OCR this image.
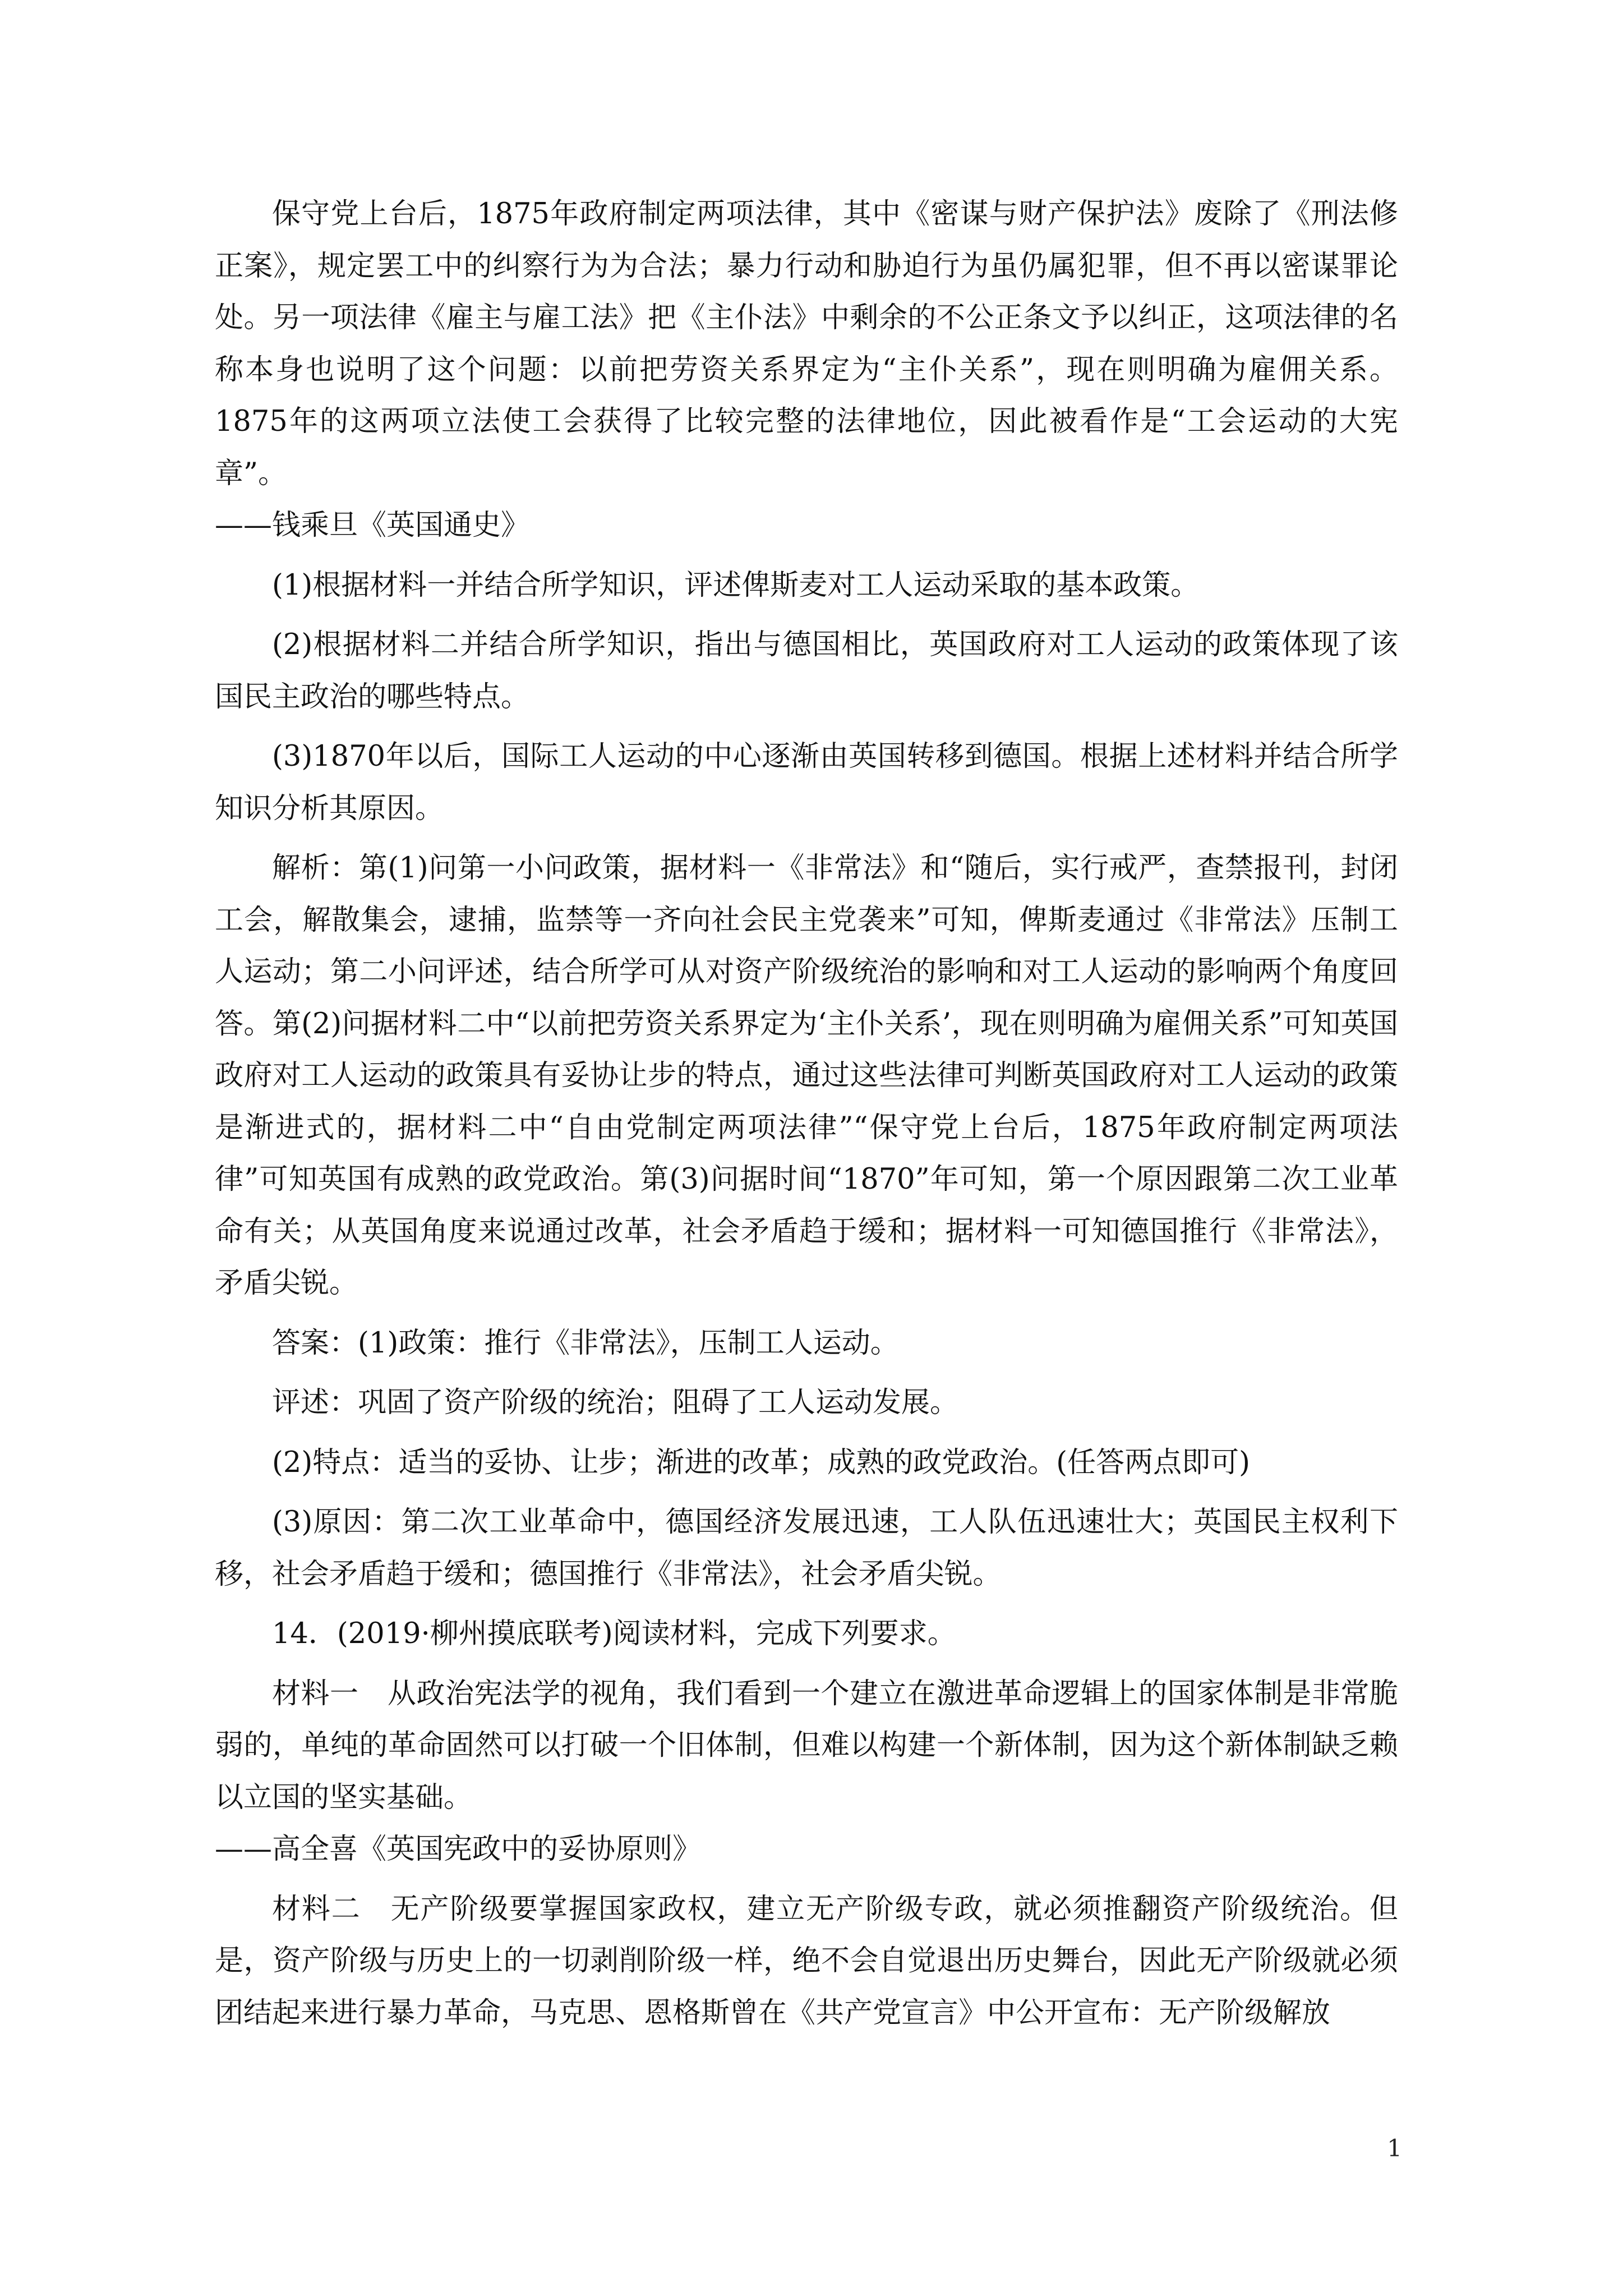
保守党上台后，1875年政府制定两项法律，其中《密谋与财产保护法》废除了《刑法修正案》，规定罢工中的纠察行为为合法；暴力行动和胁迫行为虽仍属犯罪，但不再以密谋罪论处。另一项法律《雇主与雇工法》把《主仆法》中剩余的不公正条文予以纠正，这项法律的名称本身也说明了这个问题：以前把劳资关系界定为“主仆关系”，现在则明确为雇佣关系。1875年的这两项立法使工会获得了比较完整的法律地位，因此被看作是“工会运动的大宪章”。

——钱乘旦《英国通史》

(1)根据材料一并结合所学知识，评述俾斯麦对工人运动采取的基本政策。

(2)根据材料二并结合所学知识，指出与德国相比，英国政府对工人运动的政策体现了该国民主政治的哪些特点。

(3)1870年以后，国际工人运动的中心逐渐由英国转移到德国。根据上述材料并结合所学知识分析其原因。

解析：第(1)问第一小问政策，据材料一《非常法》和“随后，实行戒严，查禁报刊，封闭工会，解散集会，逮捕，监禁等一齐向社会民主党袭来”可知，俾斯麦通过《非常法》压制工人运动；第二小问评述，结合所学可从对资产阶级统治的影响和对工人运动的影响两个角度回答。第(2)问据材料二中“以前把劳资关系界定为‘主仆关系’，现在则明确为雇佣关系”可知英国政府对工人运动的政策具有妥协让步的特点，通过这些法律可判断英国政府对工人运动的政策是渐进式的，据材料二中“自由党制定两项法律”“保守党上台后，1875年政府制定两项法律”可知英国有成熟的政党政治。第(3)问据时间“1870”年可知，第一个原因跟第二次工业革命有关；从英国角度来说通过改革，社会矛盾趋于缓和；据材料一可知德国推行《非常法》，矛盾尖锐。

答案：(1)政策：推行《非常法》，压制工人运动。

评述：巩固了资产阶级的统治；阻碍了工人运动发展。

(2)特点：适当的妥协、让步；渐进的改革；成熟的政党政治。(任答两点即可)

(3)原因：第二次工业革命中，德国经济发展迅速，工人队伍迅速壮大；英国民主权利下移，社会矛盾趋于缓和；德国推行《非常法》，社会矛盾尖锐。

14．(2019·柳州摸底联考)阅读材料，完成下列要求。

材料一　从政治宪法学的视角，我们看到一个建立在激进革命逻辑上的国家体制是非常脆弱的，单纯的革命固然可以打破一个旧体制，但难以构建一个新体制，因为这个新体制缺乏赖以立国的坚实基础。

——高全喜《英国宪政中的妥协原则》

材料二　无产阶级要掌握国家政权，建立无产阶级专政，就必须推翻资产阶级统治。但是，资产阶级与历史上的一切剥削阶级一样，绝不会自觉退出历史舞台，因此无产阶级就必须团结起来进行暴力革命，马克思、恩格斯曾在《共产党宣言》中公开宣布：无产阶级解放

1
